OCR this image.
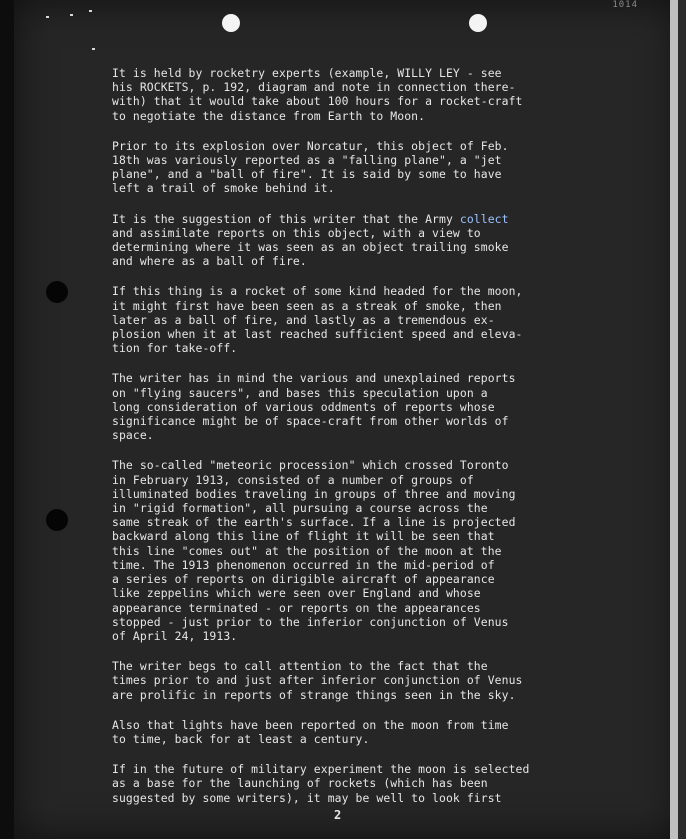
1014

It is held by rocketry experts (example, WILLY LEY - see
his ROCKETS, p. 192, diagram and note in connection there-
with) that it would take about 100 hours for a rocket-craft
to negotiate the distance from Earth to Moon.

Prior to its explosion over Norcatur, this object of Feb.
18th was variously reported as a "falling plane", a "jet
plane", and a "ball of fire". It is said by some to have
left a trail of smoke behind it.

It is the suggestion of this writer that the Army collect

and assimilate reports on this object, with a view to
determining where it was seen as an object trailing smoke
and where as a ball of fire.

If this thing is a rocket of some kind headed for the moon,
it might first have been seen as a streak of smoke, then
later as a ball of fire, and lastly as a tremendous ex-
plosion when it at last reached sufficient speed and eleva-
tion for take-off.

The writer has in mind the various and unexplained reports
on "flying saucers", and bases this speculation upon a
long consideration of various oddments of reports whose
significance might be of space-craft from other worlds of
space.

The so-called "meteoric procession" which crossed Toronto
in February 1913, consisted of a number of groups of
illuminated bodies traveling in groups of three and moving
in "rigid formation", all pursuing a course across the
same streak of the earth's surface. If a line is projected
backward along this line of flight it will be seen that
this line "comes out" at the position of the moon at the
time. The 1913 phenomenon occurred in the mid-period of
a series of reports on dirigible aircraft of appearance
like zeppelins which were seen over England and whose
appearance terminated - or reports on the appearances
stopped - just prior to the inferior conjunction of Venus
of April 24, 1913.

The writer begs to call attention to the fact that the
times prior to and just after inferior conjunction of Venus
are prolific in reports of strange things seen in the sky.

Also that lights have been reported on the moon from time
to time, back for at least a century.

If in the future of military experiment the moon is selected
as a base for the launching of rockets (which has been
suggested by some writers), it may be well to look first

2
